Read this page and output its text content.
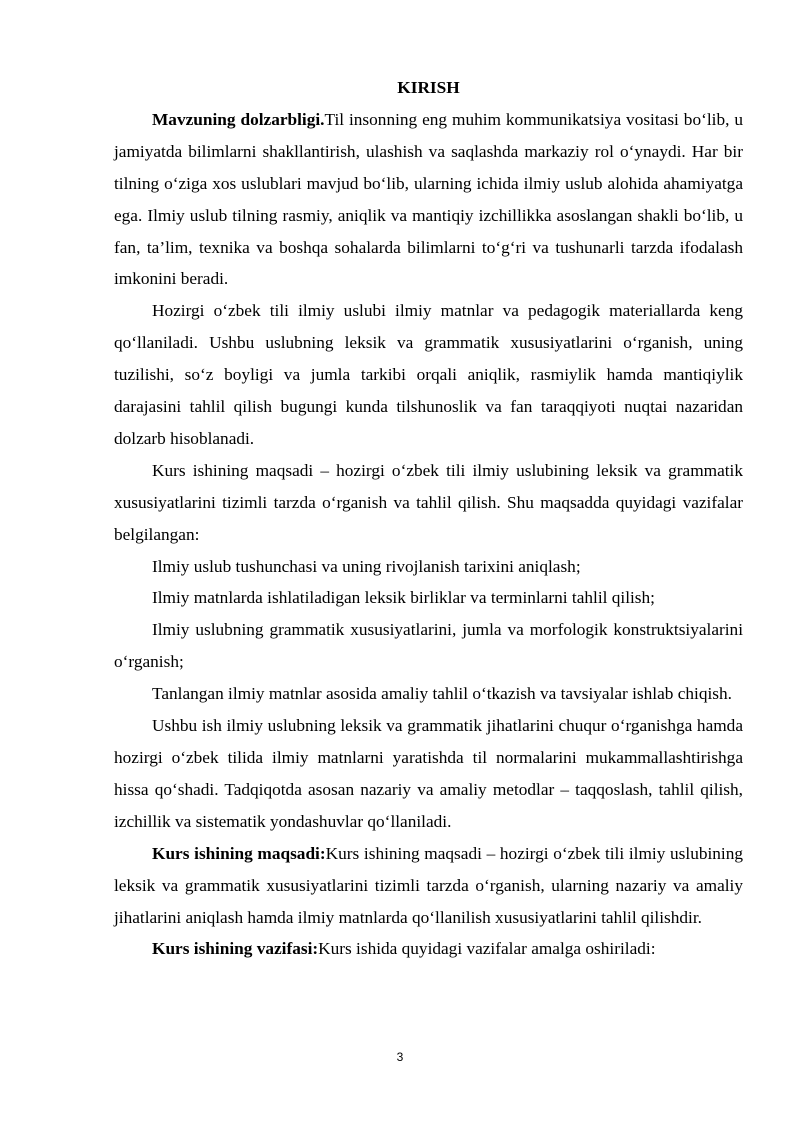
KIRISH

Mavzuning dolzarbligi.Til insonning eng muhim kommunikatsiya vositasi bo‘lib, u jamiyatda bilimlarni shakllantirish, ulashish va saqlashda markaziy rol o‘ynaydi. Har bir tilning o‘ziga xos uslublari mavjud bo‘lib, ularning ichida ilmiy uslub alohida ahamiyatga ega. Ilmiy uslub tilning rasmiy, aniqlik va mantiqiy izchillikka asoslangan shakli bo‘lib, u fan, ta’lim, texnika va boshqa sohalarda bilimlarni to‘g‘ri va tushunarli tarzda ifodalash imkonini beradi.

Hozirgi o‘zbek tili ilmiy uslubi ilmiy matnlar va pedagogik materiallarda keng qo‘llaniladi. Ushbu uslubning leksik va grammatik xususiyatlarini o‘rganish, uning tuzilishi, so‘z boyligi va jumla tarkibi orqali aniqlik, rasmiylik hamda mantiqiylik darajasini tahlil qilish bugungi kunda tilshunoslik va fan taraqqiyoti nuqtai nazaridan dolzarb hisoblanadi.

Kurs ishining maqsadi – hozirgi o‘zbek tili ilmiy uslubining leksik va grammatik xususiyatlarini tizimli tarzda o‘rganish va tahlil qilish. Shu maqsadda quyidagi vazifalar belgilangan:

Ilmiy uslub tushunchasi va uning rivojlanish tarixini aniqlash;

Ilmiy matnlarda ishlatiladigan leksik birliklar va terminlarni tahlil qilish;

Ilmiy uslubning grammatik xususiyatlarini, jumla va morfologik konstruktsiyalarini o‘rganish;

Tanlangan ilmiy matnlar asosida amaliy tahlil o‘tkazish va tavsiyalar ishlab chiqish.

Ushbu ish ilmiy uslubning leksik va grammatik jihatlarini chuqur o‘rganishga hamda hozirgi o‘zbek tilida ilmiy matnlarni yaratishda til normalarini mukammallashtirishga hissa qo‘shadi. Tadqiqotda asosan nazariy va amaliy metodlar – taqqoslash, tahlil qilish, izchillik va sistematik yondashuvlar qo‘llaniladi.

Kurs ishining maqsadi:Kurs ishining maqsadi – hozirgi o‘zbek tili ilmiy uslubining leksik va grammatik xususiyatlarini tizimli tarzda o‘rganish, ularning nazariy va amaliy jihatlarini aniqlash hamda ilmiy matnlarda qo‘llanilish xususiyatlarini tahlil qilishdir.

Kurs ishining vazifasi:Kurs ishida quyidagi vazifalar amalga oshiriladi:

3
